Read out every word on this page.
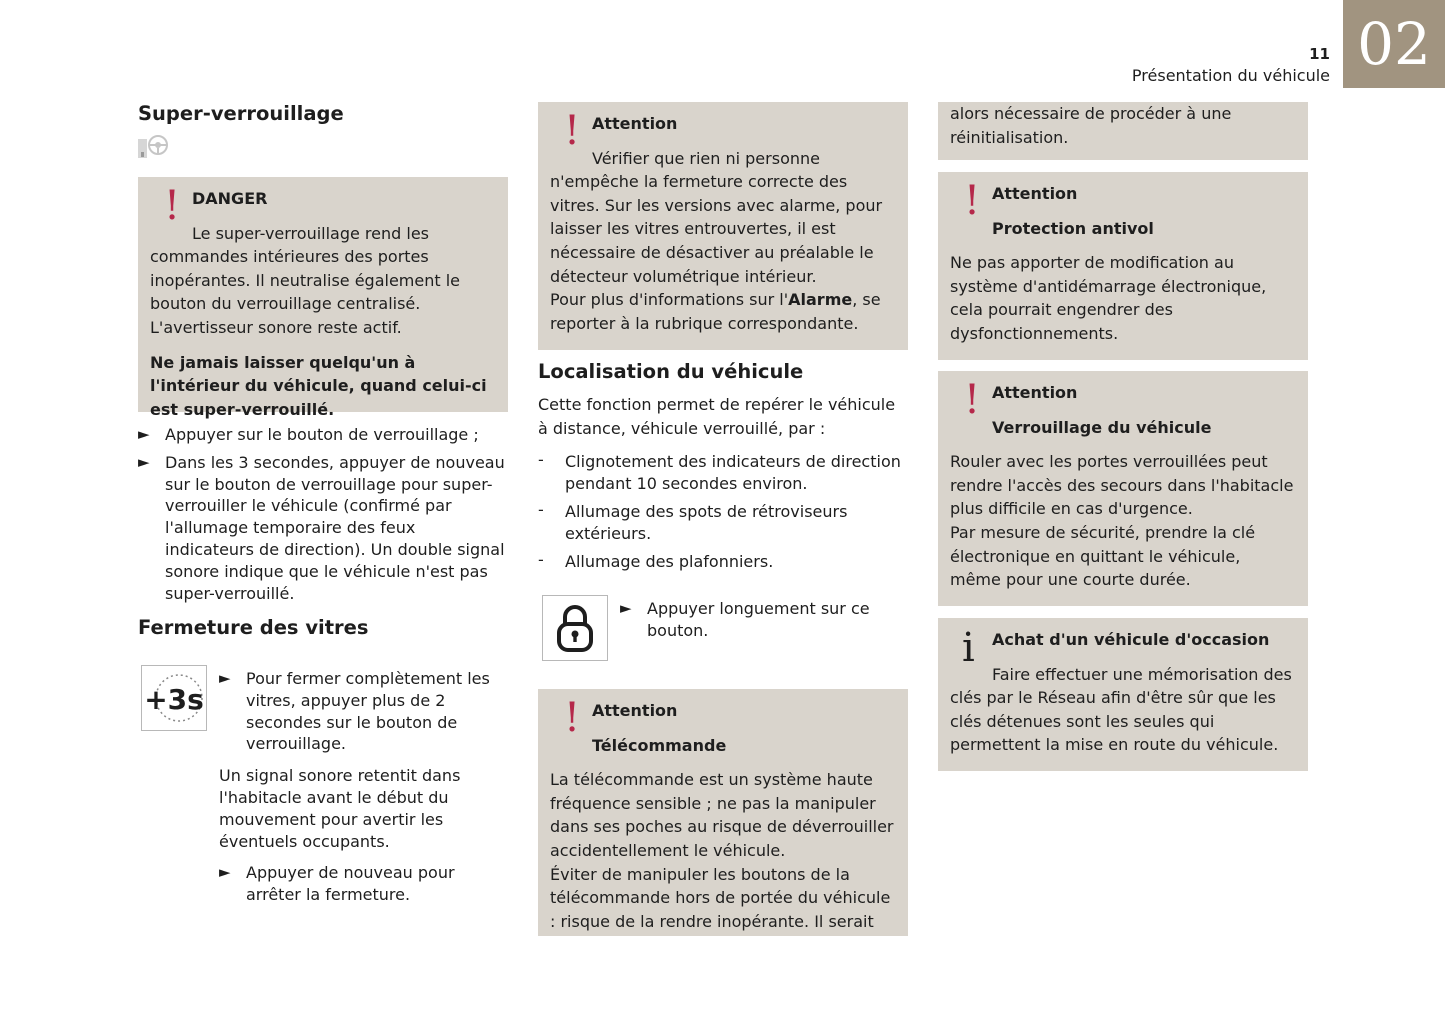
11
Présentation du véhicule 02
Super-verrouillage
! DANGER

Le super-verrouillage rend les commandes intérieures des portes inopérantes. Il neutralise également le bouton du verrouillage centralisé. L'avertisseur sonore reste actif.

Ne jamais laisser quelqu'un à l'intérieur du véhicule, quand celui-ci est super-verrouillé.

► Appuyer sur le bouton de verrouillage ;
► Dans les 3 secondes, appuyer de nouveau sur le bouton de verrouillage pour super-verrouiller le véhicule (confirmé par l'allumage temporaire des feux indicateurs de direction). Un double signal sonore indique que le véhicule n'est pas super-verrouillé.
Fermeture des vitres
+3s
► Pour fermer complètement les vitres, appuyer plus de 2 secondes sur le bouton de verrouillage.

Un signal sonore retentit dans l'habitacle avant le début du mouvement pour avertir les éventuels occupants.

► Appuyer de nouveau pour arrêter la fermeture.
! Attention

Vérifier que rien ni personne

n'empêche la fermeture correcte des vitres. Sur les versions avec alarme, pour laisser les vitres entrouvertes, il est nécessaire de désactiver au préalable le détecteur volumétrique intérieur.

Pour plus d'informations sur l'Alarme, se reporter à la rubrique correspondante.

Localisation du véhicule

Cette fonction permet de repérer le véhicule à distance, véhicule verrouillé, par :

- Clignotement des indicateurs de direction pendant 10 secondes environ.
- Allumage des spots de rétroviseurs extérieurs.
- Allumage des plafonniers.
► Appuyer longuement sur ce bouton.
! Attention
Télécommande

La télécommande est un système haute fréquence sensible ; ne pas la manipuler dans ses poches au risque de déverrouiller accidentellement le véhicule.

Éviter de manipuler les boutons de la télécommande hors de portée du véhicule : risque de la rendre inopérante. Il serait

alors nécessaire de procéder à une réinitialisation.

! Attention
Protection antivol

Ne pas apporter de modification au système d'antidémarrage électronique, cela pourrait engendrer des dysfonctionnements.

! Attention
Verrouillage du véhicule

Rouler avec les portes verrouillées peut rendre l'accès des secours dans l'habitacle plus difficile en cas d'urgence.

Par mesure de sécurité, prendre la clé électronique en quittant le véhicule, même pour une courte durée.

i Achat d'un véhicule d'occasion

Faire effectuer une mémorisation des clés par le Réseau afin d'être sûr que les clés détenues sont les seules qui permettent la mise en route du véhicule.
